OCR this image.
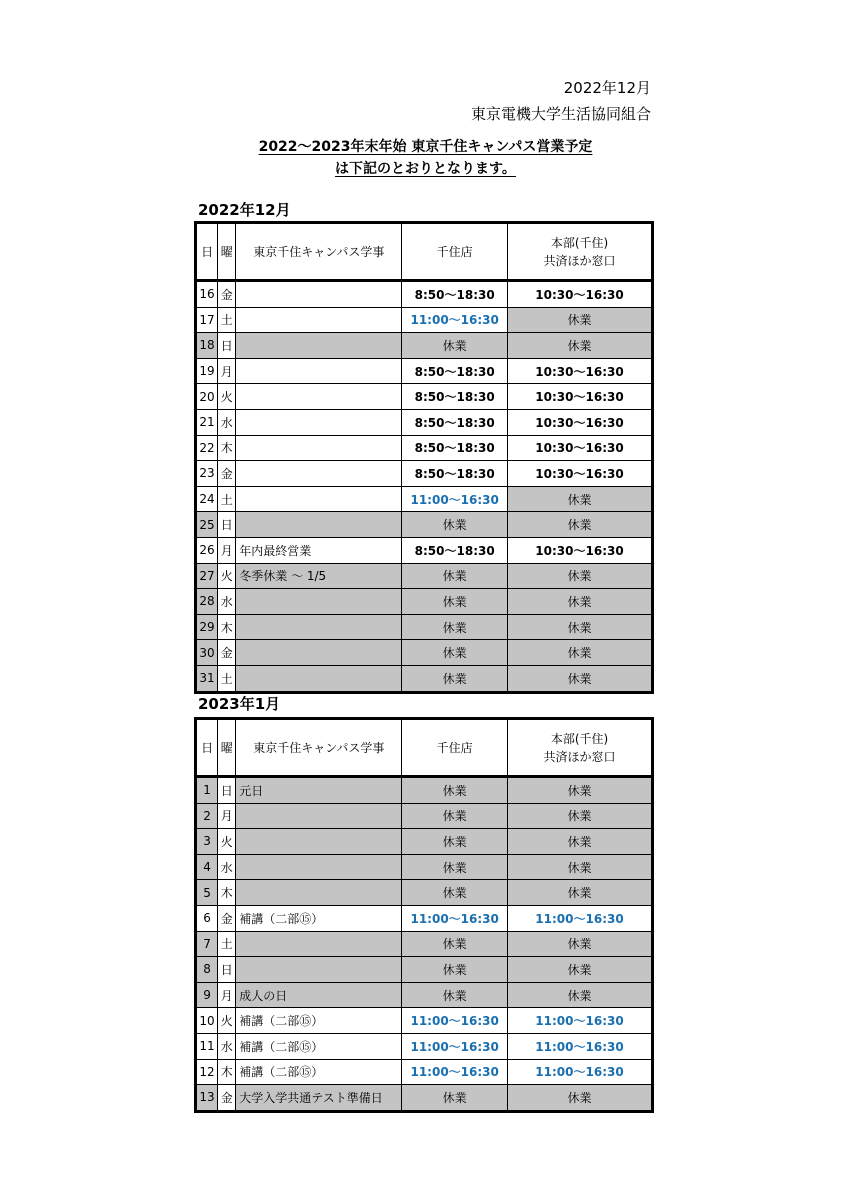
2022年12月
東京電機大学生活協同組合
2022～2023年末年始 東京千住キャンパス営業予定
は下記のとおりとなります。
2022年12月
日	曜	東京千住キャンパス学事	千住店	本部(千住)
共済ほか窓口
16	金		8:50～18:30	10:30～16:30
17	土		11:00～16:30	休業
18	日		休業	休業
19	月		8:50～18:30	10:30～16:30
20	火		8:50～18:30	10:30～16:30
21	水		8:50～18:30	10:30～16:30
22	木		8:50～18:30	10:30～16:30
23	金		8:50～18:30	10:30～16:30
24	土		11:00～16:30	休業
25	日		休業	休業
26	月	年内最終営業	8:50～18:30	10:30～16:30
27	火	冬季休業 ～ 1/5	休業	休業
28	水		休業	休業
29	木		休業	休業
30	金		休業	休業
31	土		休業	休業
2023年1月
日	曜	東京千住キャンパス学事	千住店	本部(千住)
共済ほか窓口
1	日	元日	休業	休業
2	月		休業	休業
3	火		休業	休業
4	水		休業	休業
5	木		休業	休業
6	金	補講（二部⑮）	11:00～16:30	11:00～16:30
7	土		休業	休業
8	日		休業	休業
9	月	成人の日	休業	休業
10	火	補講（二部⑮）	11:00～16:30	11:00～16:30
11	水	補講（二部⑮）	11:00～16:30	11:00～16:30
12	木	補講（二部⑮）	11:00～16:30	11:00～16:30
13	金	大学入学共通テスト準備日	休業	休業
